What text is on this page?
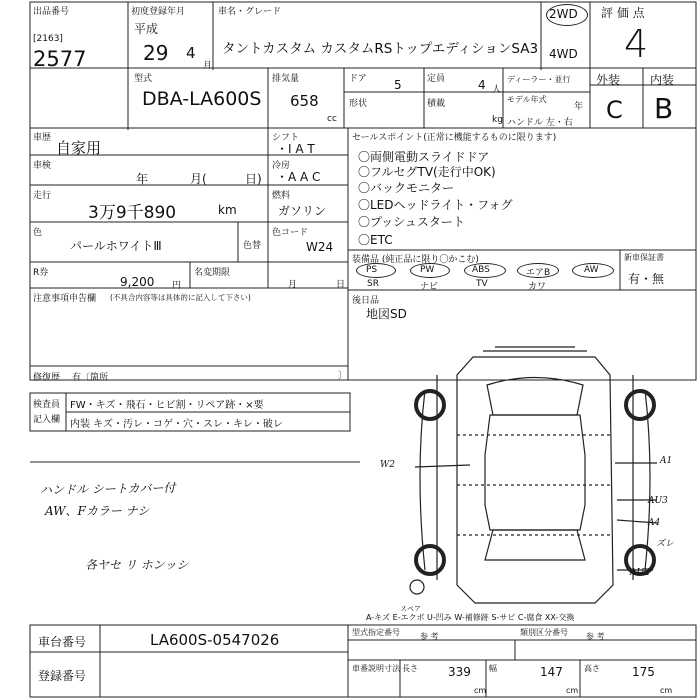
出品番号
[2163]
2577
初度登録年月
平成
29 4
月
車名・グレード
タントカスタム カスタムRSトップエディションSA3
2WD
4WD
評 価 点
4
外装 内装
C B
型式
DBA-LA600S
排気量
658
cc
ドア 5
形状
定員	4 人
積載
kg
ディーラー・並行
モデル年式
年
ハンドル 左・右
車歴
自家用
車検
年	月(	日)
走行
3万9千890	km
色
パールホワイトⅢ	色替
R券
9,200 円
名変期限
月	日
シフト
・I A T
冷房
・A A C
燃料
ガソリン
色コード
W24
セールスポイント(正常に機能するものに限ります)
〇両側電動スライドドア
〇フルセグTV(走行中OK)
〇バックモニター
〇LEDヘッドライト・フォグ
〇プッシュスタート
〇ETC
装備品 (純正品に限り〇かこむ)
PS	PW	ABS	エアB	AW
SR	ナビ	TV	カワ
新車保証書
有・無
後日品
地図SD
注意事項申告欄 (不具合内容等は具体的に記入して下さい)
修復歴 有〔箇所	〕
検査員
記入欄
FW・キズ・飛石・ヒビ割・リペア跡・×要
内装 キズ・汚レ・コゲ・穴・スレ・キレ・破レ
ハンドル シートカバー付
AW、Fカラー ナシ
各ヤセ リ ホンッシ
W2	A1
AU3
A4
ズレ
AU2
スペア
A-キズ E-エクボ U-凹み W-補修跡 S-サビ C-腐食 XX-交換
車台番号	LA600S-0547026
登録番号
型式指定番号	参 考	類別区分番号 参 考
車番説明寸法 長さ	339
cm
幅	147
cm
高さ	175
cm
